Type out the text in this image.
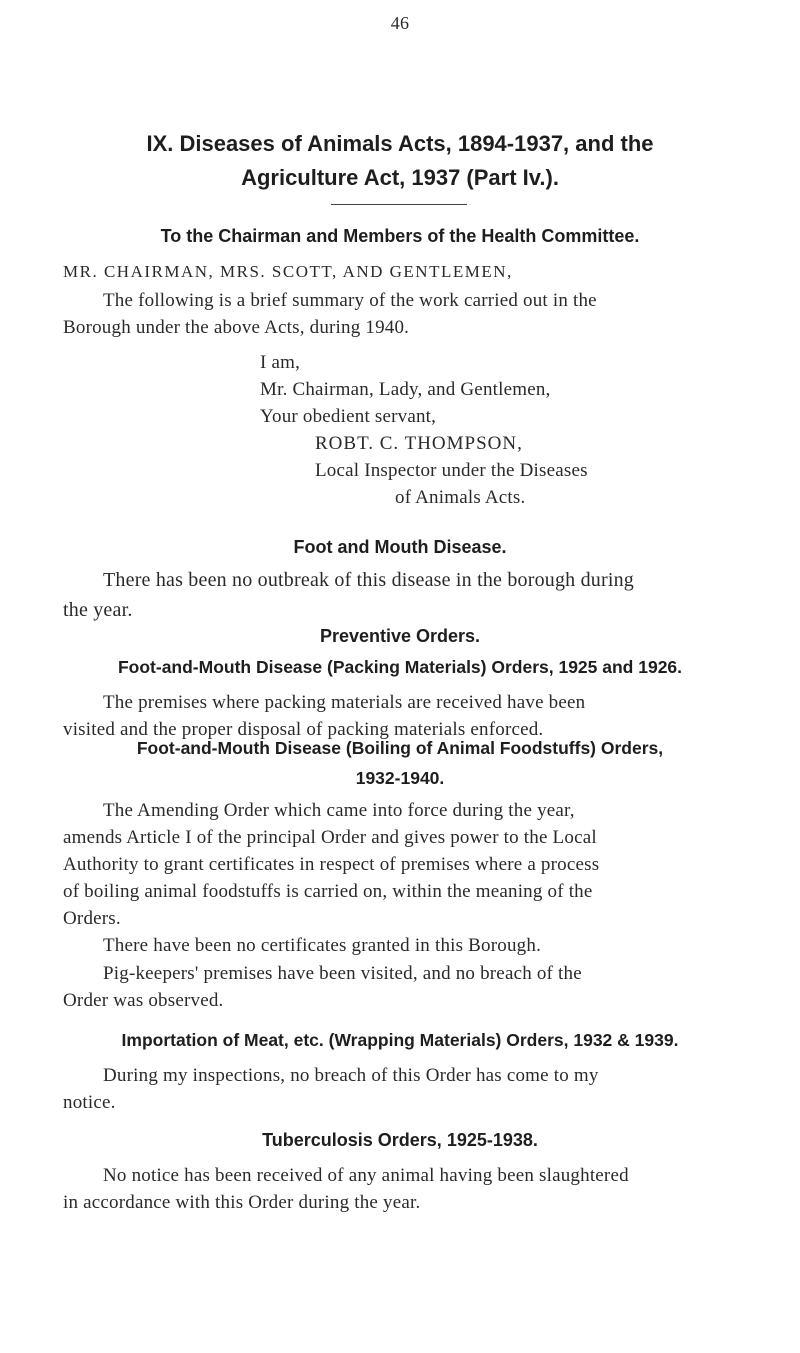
46
IX. Diseases of Animals Acts, 1894-1937, and the
Agriculture Act, 1937 (Part Iv.).
To the Chairman and Members of the Health Committee.
MR. CHAIRMAN, MRS. SCOTT, AND GENTLEMEN,
The following is a brief summary of the work carried out in the
Borough under the above Acts, during 1940.
I am,
Mr. Chairman, Lady, and Gentlemen,
Your obedient servant,
ROBT. C. THOMPSON,
Local Inspector under the Diseases
of Animals Acts.
Foot and Mouth Disease.
There has been no outbreak of this disease in the borough during
the year.
Preventive Orders.
Foot-and-Mouth Disease (Packing Materials) Orders, 1925 and 1926.
The premises where packing materials are received have been
visited and the proper disposal of packing materials enforced.
Foot-and-Mouth Disease (Boiling of Animal Foodstuffs) Orders,
1932-1940.
The Amending Order which came into force during the year,
amends Article I of the principal Order and gives power to the Local
Authority to grant certificates in respect of premises where a process
of boiling animal foodstuffs is carried on, within the meaning of the
Orders.
There have been no certificates granted in this Borough.
Pig-keepers' premises have been visited, and no breach of the
Order was observed.
Importation of Meat, etc. (Wrapping Materials) Orders, 1932 & 1939.
During my inspections, no breach of this Order has come to my
notice.
Tuberculosis Orders, 1925-1938.
No notice has been received of any animal having been slaughtered
in accordance with this Order during the year.
